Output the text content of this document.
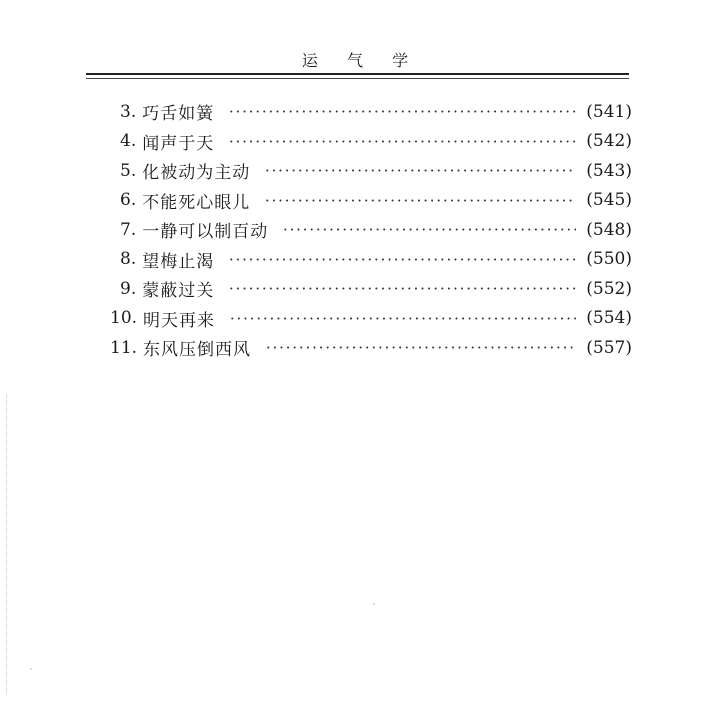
运 气 学
3. 巧舌如簧	(541)
4. 闻声于天	(542)
5. 化被动为主动	(543)
6. 不能死心眼儿	(545)
7. 一静可以制百动	(548)
8. 望梅止渴	(550)
9. 蒙蔽过关	(552)
10. 明天再来	(554)
11. 东风压倒西风	(557)
